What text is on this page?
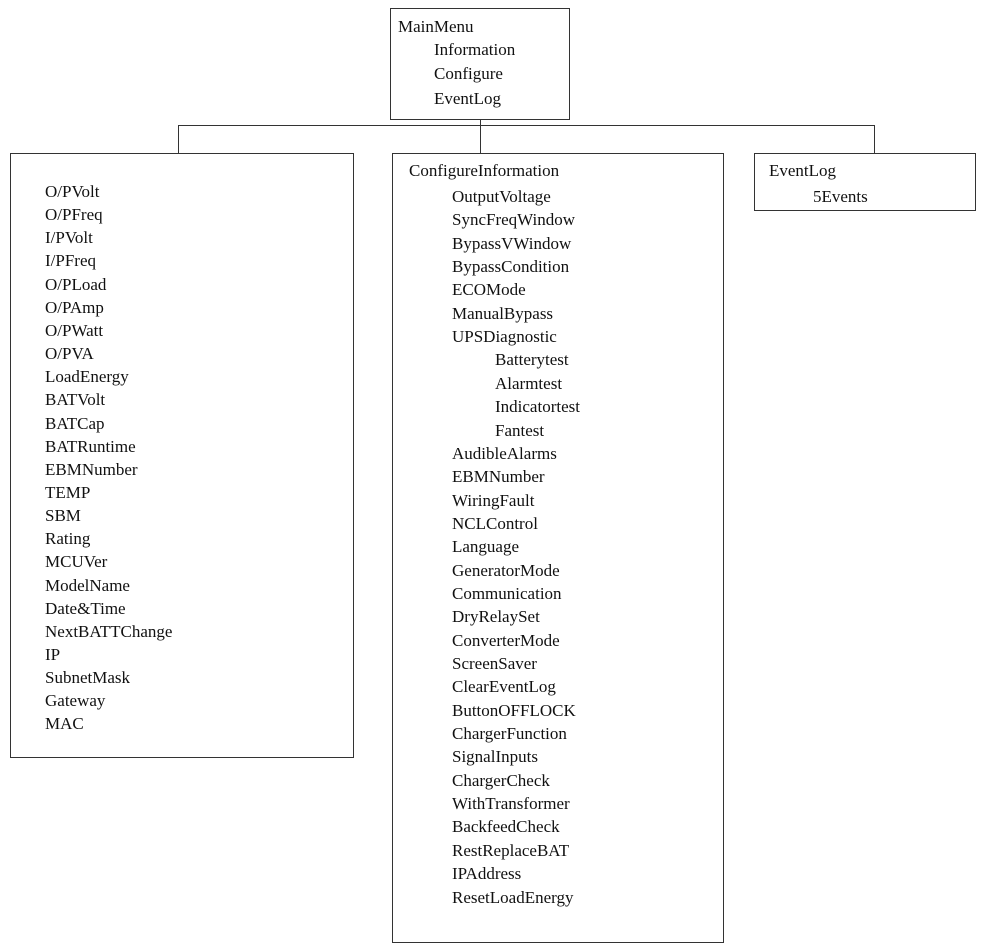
MainMenu
Information
Configure
EventLog
O/PVolt
O/PFreq
I/PVolt
I/PFreq
O/PLoad
O/PAmp
O/PWatt
O/PVA
LoadEnergy
BATVolt
BATCap
BATRuntime
EBMNumber
TEMP
SBM
Rating
MCUVer
ModelName
Date&Time
NextBATTChange
IP
SubnetMask
Gateway
MAC
ConfigureInformation
OutputVoltage
SyncFreqWindow
BypassVWindow
BypassCondition
ECOMode
ManualBypass
UPSDiagnostic
Batterytest
Alarmtest
Indicatortest
Fantest
AudibleAlarms
EBMNumber
WiringFault
NCLControl
Language
GeneratorMode
Communication
DryRelaySet
ConverterMode
ScreenSaver
ClearEventLog
ButtonOFFLOCK
ChargerFunction
SignalInputs
ChargerCheck
WithTransformer
BackfeedCheck
RestReplaceBAT
IPAddress
ResetLoadEnergy
EventLog
5Events
